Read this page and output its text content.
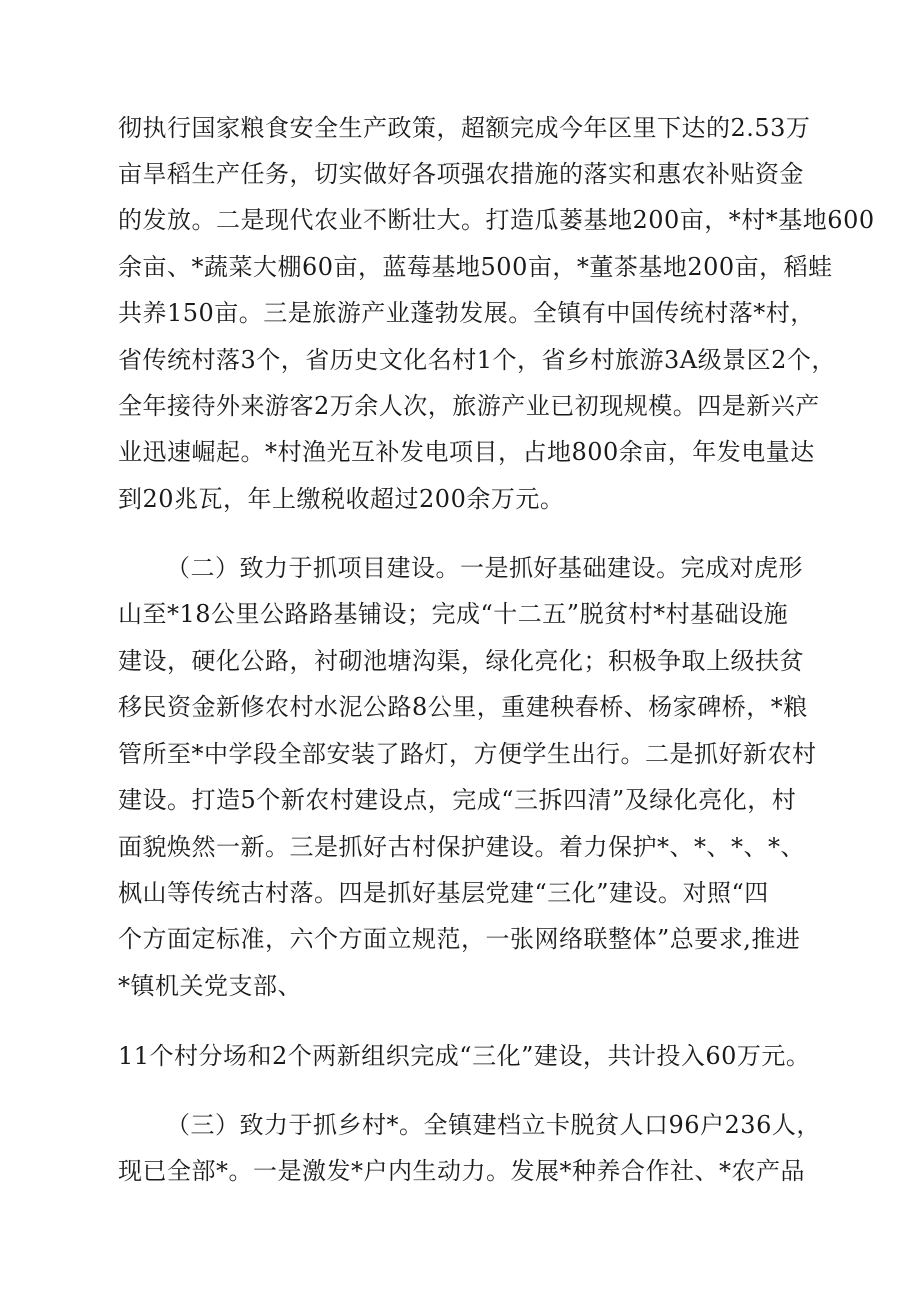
彻执行国家粮食安全生产政策，超额完成今年区里下达的2.53万
亩旱稻生产任务，切实做好各项强农措施的落实和惠农补贴资金
的发放。二是现代农业不断壮大。打造瓜蒌基地200亩，*村*基地600
余亩、*蔬菜大棚60亩，蓝莓基地500亩，*董茶基地200亩，稻蛙
共养150亩。三是旅游产业蓬勃发展。全镇有中国传统村落*村，
省传统村落3个，省历史文化名村1个，省乡村旅游3A级景区2个，
全年接待外来游客2万余人次，旅游产业已初现规模。四是新兴产
业迅速崛起。*村渔光互补发电项目，占地800余亩，年发电量达
到20兆瓦，年上缴税收超过200余万元。
（二）致力于抓项目建设。一是抓好基础建设。完成对虎形
山至*18公里公路路基铺设；完成“十二五”脱贫村*村基础设施
建设，硬化公路，衬砌池塘沟渠，绿化亮化；积极争取上级扶贫
移民资金新修农村水泥公路8公里，重建秧春桥、杨家碑桥，*粮
管所至*中学段全部安装了路灯，方便学生出行。二是抓好新农村
建设。打造5个新农村建设点，完成“三拆四清”及绿化亮化，村
面貌焕然一新。三是抓好古村保护建设。着力保护*、*、*、*、
枫山等传统古村落。四是抓好基层党建“三化”建设。对照“四
个方面定标准，六个方面立规范，一张网络联整体”总要求,推进
*镇机关党支部、
11个村分场和2个两新组织完成“三化”建设，共计投入60万元。
（三）致力于抓乡村*。全镇建档立卡脱贫人口96户236人，
现已全部*。一是激发*户内生动力。发展*种养合作社、*农产品
